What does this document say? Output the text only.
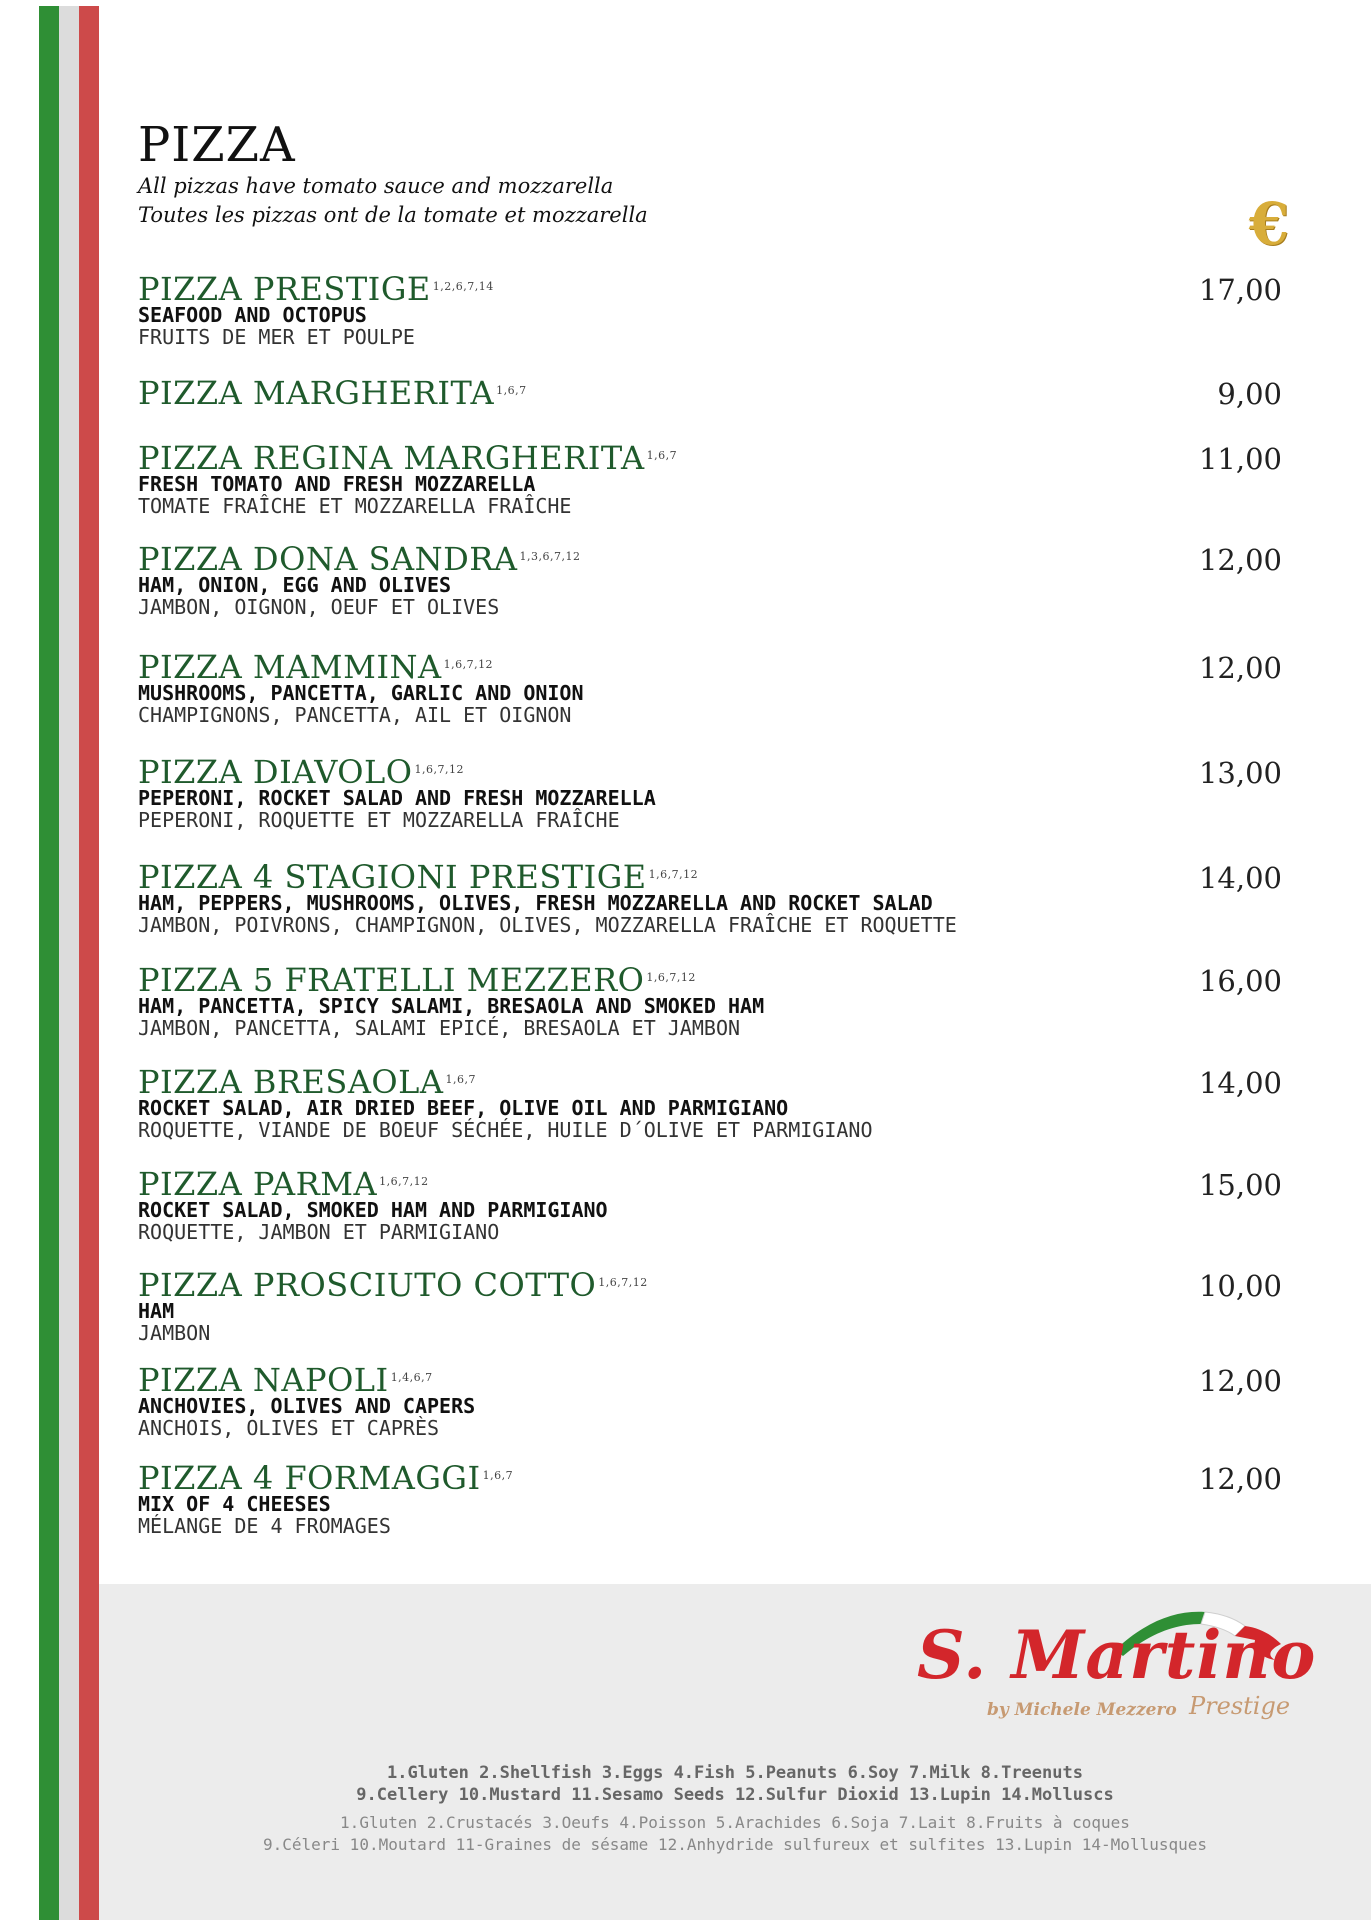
PIZZA
All pizzas have tomato sauce and mozzarella
Toutes les pizzas ont de la tomate et mozzarella	€
PIZZA PRESTIGE $^{1,2,6,7,14}$	17,00
SEAFOOD AND OCTOPUS
FRUITS DE MER ET POULPE
PIZZA MARGHERITA $^{1,6,7}$	9,00
PIZZA REGINA MARGHERITA $^{1,6,7}$	11,00
FRESH TOMATO AND FRESH MOZZARELLA
TOMATE FRAÎCHE ET MOZZARELLA FRAÎCHE
PIZZA DONA SANDRA $^{1,3,6,7,12}$	12,00
HAM, ONION, EGG AND OLIVES
JAMBON, OIGNON, OEUF ET OLIVES
PIZZA MAMMINA $^{1,6,7,12}$	12,00
MUSHROOMS, PANCETTA, GARLIC AND ONION
CHAMPIGNONS, PANCETTA, AIL ET OIGNON
PIZZA DIAVOLO $^{1,6,7,12}$	13,00
PEPERONI, ROCKET SALAD AND FRESH MOZZARELLA
PEPERONI, ROQUETTE ET MOZZARELLA FRAÎCHE
PIZZA 4 STAGIONI PRESTIGE $^{1,6,7,12}$	14,00
HAM, PEPPERS, MUSHROOMS, OLIVES, FRESH MOZZARELLA AND ROCKET SALAD
JAMBON, POIVRONS, CHAMPIGNON, OLIVES, MOZZARELLA FRAÎCHE ET ROQUETTE
PIZZA 5 FRATELLI MEZZERO $^{1,6,7,12}$	16,00
HAM, PANCETTA, SPICY SALAMI, BRESAOLA AND SMOKED HAM
JAMBON, PANCETTA, SALAMI EPICÉ, BRESAOLA ET JAMBON
PIZZA BRESAOLA $^{1,6,7}$	14,00
ROCKET SALAD, AIR DRIED BEEF, OLIVE OIL AND PARMIGIANO
ROQUETTE, VIANDE DE BOEUF SÉCHÉE, HUILE D´OLIVE ET PARMIGIANO
PIZZA PARMA $^{1,6,7,12}$	15,00
ROCKET SALAD, SMOKED HAM AND PARMIGIANO
ROQUETTE, JAMBON ET PARMIGIANO
PIZZA PROSCIUTO COTTO $^{1,6,7,12}$	10,00
HAM
JAMBON
PIZZA NAPOLI $^{1,4,6,7}$	12,00
ANCHOVIES, OLIVES AND CAPERS
ANCHOIS, OLIVES ET CAPRÈS
PIZZA 4 FORMAGGI $^{1,6,7}$	12,00
MIX OF 4 CHEESES
MÉLANGE DE 4 FROMAGES
S. Martino
by Michele Mezzero Prestige
1.Gluten 2.Shellfish 3.Eggs 4.Fish 5.Peanuts 6.Soy 7.Milk 8.Treenuts
9.Cellery 10.Mustard 11.Sesamo Seeds 12.Sulfur Dioxid 13.Lupin 14.Molluscs
1.Gluten 2.Crustacés 3.Oeufs 4.Poisson 5.Arachides 6.Soja 7.Lait 8.Fruits à coques
9.Céleri 10.Moutard 11-Graines de sésame 12.Anhydride sulfureux et sulfites 13.Lupin 14-Mollusques
